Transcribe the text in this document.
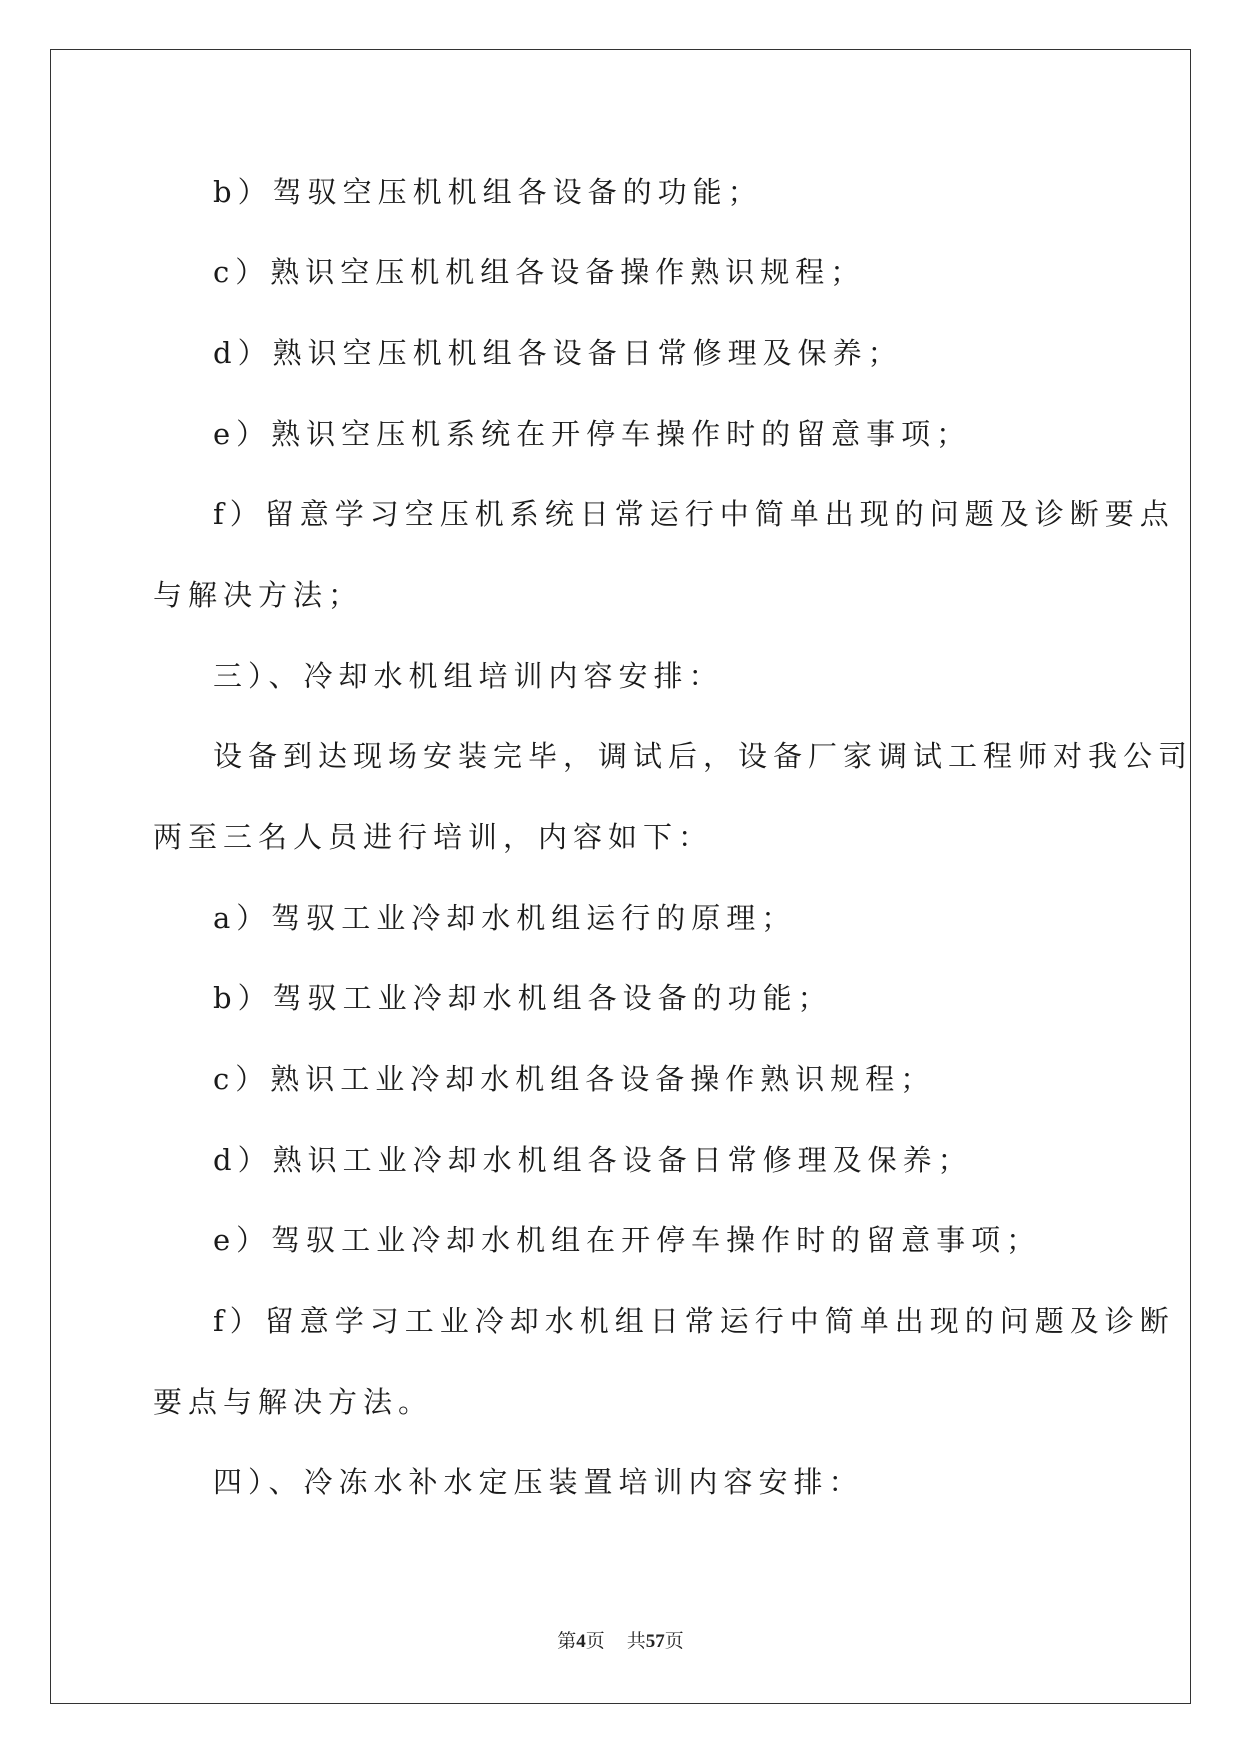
b）驾驭空压机机组各设备的功能；
c）熟识空压机机组各设备操作熟识规程；
d）熟识空压机机组各设备日常修理及保养；
e）熟识空压机系统在开停车操作时的留意事项；
f）留意学习空压机系统日常运行中简单出现的问题及诊断要点
与解决方法；
三）、冷却水机组培训内容安排：
设备到达现场安装完毕，调试后，设备厂家调试工程师对我公司
两至三名人员进行培训，内容如下：
a）驾驭工业冷却水机组运行的原理；
b）驾驭工业冷却水机组各设备的功能；
c）熟识工业冷却水机组各设备操作熟识规程；
d）熟识工业冷却水机组各设备日常修理及保养；
e）驾驭工业冷却水机组在开停车操作时的留意事项；
f）留意学习工业冷却水机组日常运行中简单出现的问题及诊断
要点与解决方法。
四）、冷冻水补水定压装置培训内容安排：
第4页 共57页
